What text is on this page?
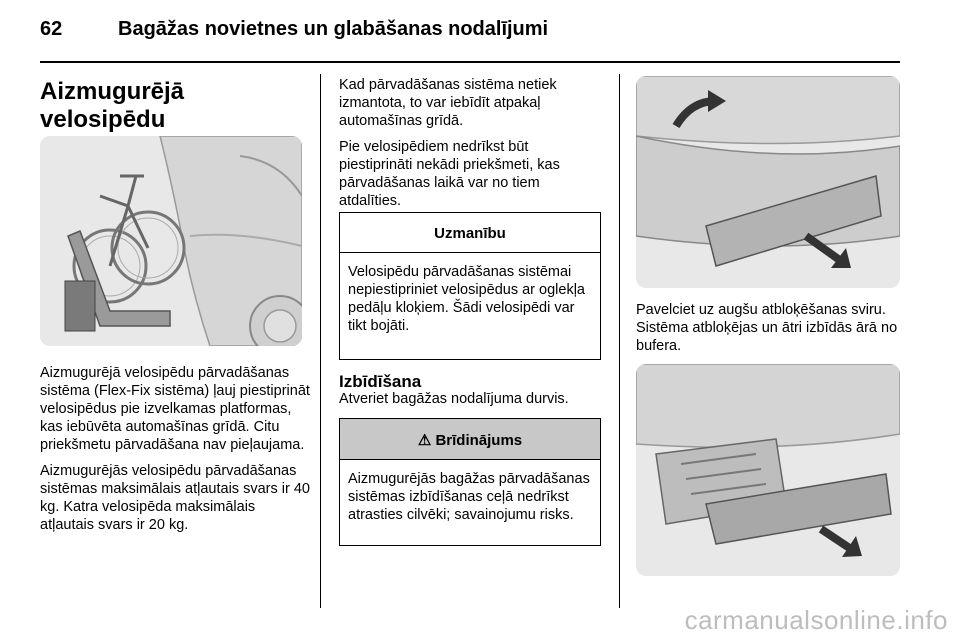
62	Bagāžas novietnes un glabāšanas nodalījumi
Aizmugurējā velosipēdu

Aizmugurējā velosipēdu pārvadāšanas sistēma (Flex-Fix sistēma) ļauj piestiprināt velosipēdus pie izvelkamas platformas, kas iebūvēta automašīnas grīdā. Citu priekšmetu pārvadāšana nav pieļaujama.

Aizmugurējās velosipēdu pārvadāšanas sistēmas maksimālais atļautais svars ir 40 kg. Katra velosipēda maksimālais atļautais svars ir 20 kg.

Kad pārvadāšanas sistēma netiek izmantota, to var iebīdīt atpakaļ automašīnas grīdā.

Pie velosipēdiem nedrīkst būt piestiprināti nekādi priekšmeti, kas pārvadāšanas laikā var no tiem atdalīties.

Uzmanību
Velosipēdu pārvadāšanas sistēmai nepiestipriniet velosipēdus ar oglekļa pedāļu kloķiem. Šādi velosipēdi var tikt bojāti.
Izbīdīšana
Atveriet bagāžas nodalījuma durvis.
⚠ Brīdinājums
Aizmugurējās bagāžas pārvadāšanas sistēmas izbīdīšanas ceļā nedrīkst atrasties cilvēki; savainojumu risks.
Pavelciet uz augšu atbloķēšanas sviru. Sistēma atbloķējas un ātri izbīdās ārā no bufera.
carmanualsonline.info
